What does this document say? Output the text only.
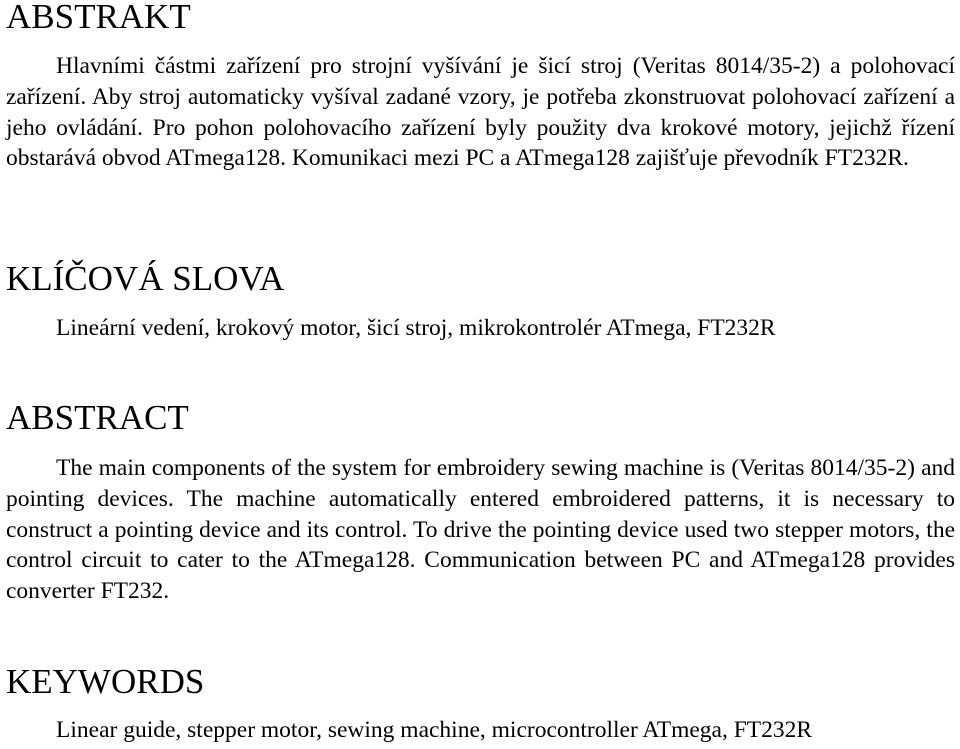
ABSTRAKT

Hlavními částmi zařízení pro strojní vyšívání je šicí stroj (Veritas 8014/35-2) a polohovací zařízení. Aby stroj automaticky vyšíval zadané vzory, je potřeba zkonstruovat polohovací zařízení a jeho ovládání. Pro pohon polohovacího zařízení byly použity dva krokové motory, jejichž řízení obstarává obvod ATmega128. Komunikaci mezi PC a ATmega128 zajišťuje převodník FT232R.

KLÍČOVÁ SLOVA

Lineární vedení, krokový motor, šicí stroj, mikrokontrolér ATmega, FT232R

ABSTRACT

The main components of the system for embroidery sewing machine is (Veritas 8014/35-2) and pointing devices. The machine automatically entered embroidered patterns, it is necessary to construct a pointing device and its control. To drive the pointing device used two stepper motors, the control circuit to cater to the ATmega128. Communication between PC and ATmega128 provides converter FT232.

KEYWORDS

Linear guide, stepper motor, sewing machine, microcontroller ATmega, FT232R
